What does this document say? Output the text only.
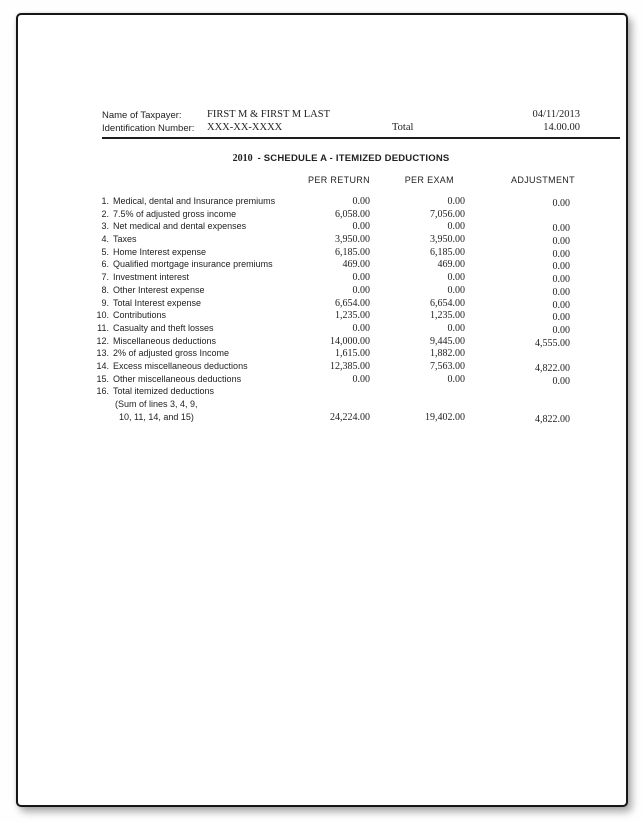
Name of Taxpayer: FIRST M & FIRST M LAST	04/11/2013
Identification Number: XXX-XX-XXXX	Total	14.00.00
2010 - SCHEDULE A - ITEMIZED DEDUCTIONS
PER RETURN	PER EXAM	ADJUSTMENT
1. Medical, dental and Insurance premiums	0.00	0.00	0.00
2. 7.5% of adjusted gross income	6,058.00	7,056.00
3. Net medical and dental expenses	0.00	0.00	0.00
4. Taxes	3,950.00	3,950.00	0.00
5. Home Interest expense	6,185.00	6,185.00	0.00
6. Qualified mortgage insurance premiums	469.00	469.00	0.00
7. Investment interest	0.00	0.00	0.00
8. Other Interest expense	0.00	0.00	0.00
9. Total Interest expense	6,654.00	6,654.00	0.00
10. Contributions	1,235.00	1,235.00	0.00
11. Casualty and theft losses	0.00	0.00	0.00
12. Miscellaneous deductions	14,000.00	9,445.00	4,555.00
13. 2% of adjusted gross Income	1,615.00	1,882.00
14. Excess miscellaneous deductions	12,385.00	7,563.00	4,822.00
15. Other miscellaneous deductions	0.00	0.00	0.00
16. Total itemized deductions
(Sum of lines 3, 4, 9,
10, 11, 14, and 15)	24,224.00	19,402.00	4,822.00
